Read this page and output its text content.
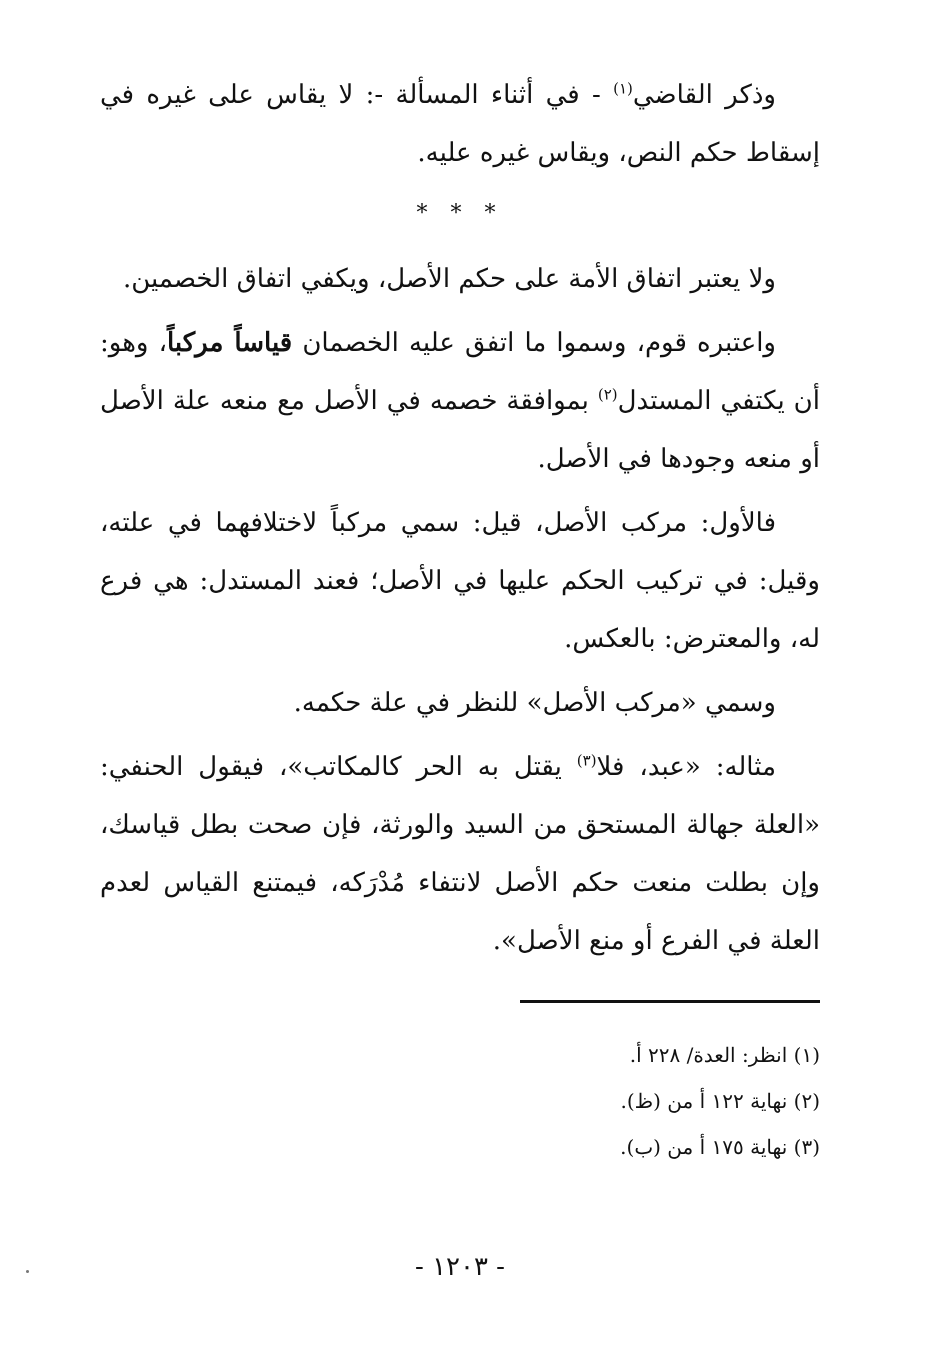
وذكر القاضي$^{(١)}$ - في أثناء المسألة -: لا يقاس على غيره في إسقاط حكم النص، ويقاس غيره عليه.

* * *

ولا يعتبر اتفاق الأمة على حكم الأصل، ويكفي اتفاق الخصمين.

واعتبره قوم، وسموا ما اتفق عليه الخصمان قياساً مركباً، وهو: أن يكتفي المستدل$^{(٢)}$ بموافقة خصمه في الأصل مع منعه علة الأصل أو منعه وجودها في الأصل.

فالأول: مركب الأصل، قيل: سمي مركباً لاختلافهما في علته، وقيل: في تركيب الحكم عليها في الأصل؛ فعند المستدل: هي فرع له، والمعترض: بالعكس.

وسمي «مركب الأصل» للنظر في علة حكمه.

مثاله: «عبد، فلا$^{(٣)}$ يقتل به الحر كالمكاتب»، فيقول الحنفي: «العلة جهالة المستحق من السيد والورثة، فإن صحت بطل قياسك، وإن بطلت منعت حكم الأصل لانتفاء مُدْرَكه، فيمتنع القياس لعدم العلة في الفرع أو منع الأصل».

(١) انظر: العدة/ ٢٢٨ أ.

(٢) نهاية ١٢٢ أ من (ظ).

(٣) نهاية ١٧٥ أ من (ب).

- ١٢٠٣ -
